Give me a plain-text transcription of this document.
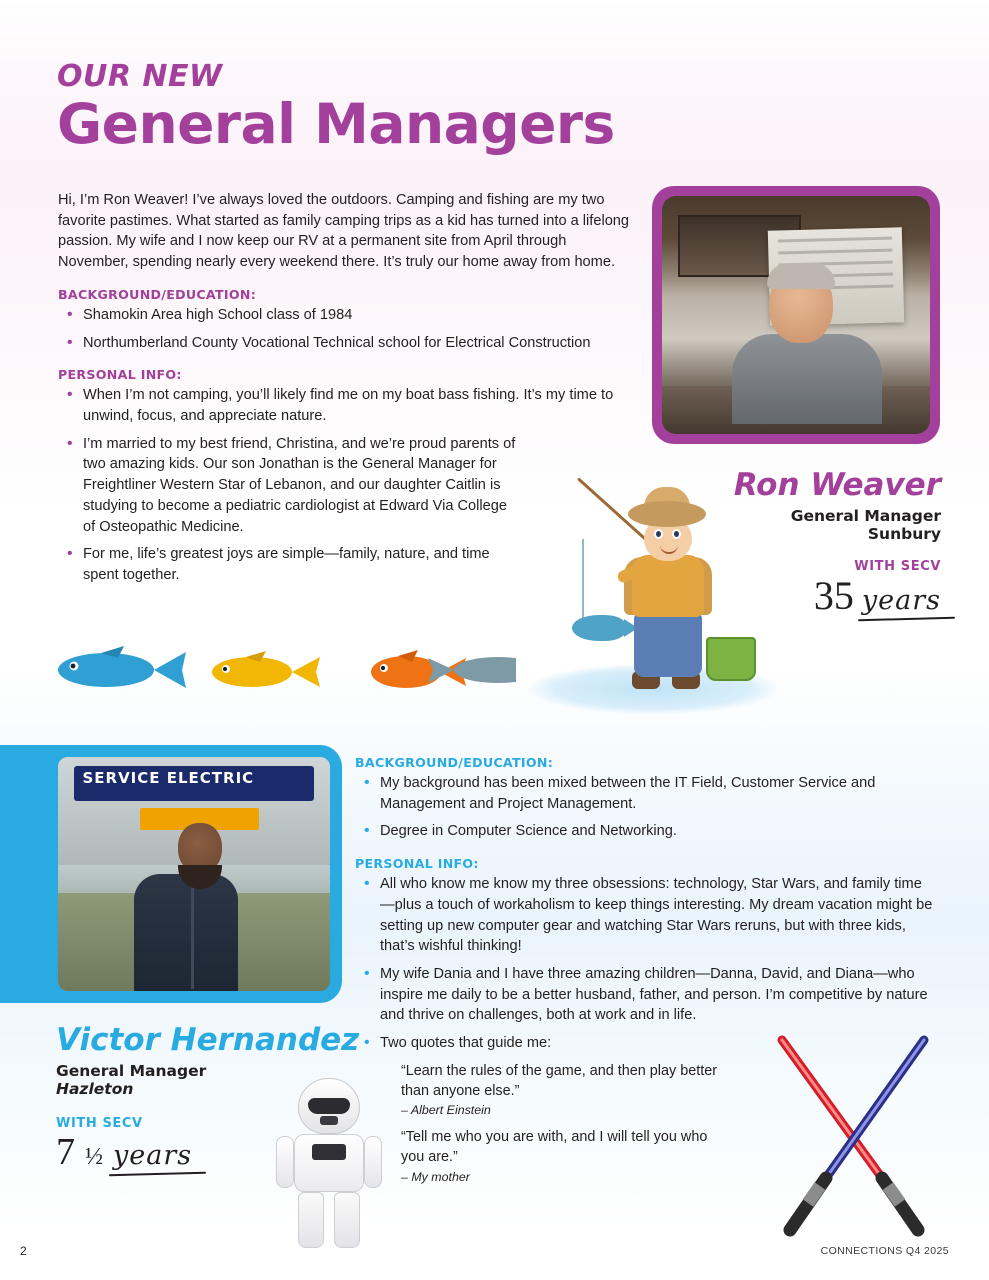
OUR NEW
General Managers

Hi, I’m Ron Weaver! I’ve always loved the outdoors. Camping and fishing are my two favorite pastimes. What started as family camping trips as a kid has turned into a lifelong passion. My wife and I now keep our RV at a permanent site from April through November, spending nearly every weekend there. It’s truly our home away from home.

BACKGROUND/EDUCATION:
• Shamokin Area high School class of 1984
• Northumberland County Vocational Technical school for Electrical Construction
PERSONAL INFO:
• When I’m not camping, you’ll likely find me on my boat bass fishing. It’s my time to unwind, focus, and appreciate nature.
• I’m married to my best friend, Christina, and we’re proud parents of two amazing kids. Our son Jonathan is the General Manager for Freightliner Western Star of Lebanon, and our daughter Caitlin is studying to become a pediatric cardiologist at Edward Via College of Osteopathic Medicine.
• For me, life’s greatest joys are simple—family, nature, and time spent together.
Ron Weaver
General Manager
Sunbury
WITH SECV
35 years
SERVICE ELECTRIC
BACKGROUND/EDUCATION:
• My background has been mixed between the IT Field, Customer Service and Management and Project Management.
• Degree in Computer Science and Networking.
PERSONAL INFO:
• All who know me know my three obsessions: technology, Star Wars, and family time—plus a touch of workaholism to keep things interesting. My dream vacation might be setting up new computer gear and watching Star Wars reruns, but with three kids, that’s wishful thinking!
• My wife Dania and I have three amazing children—Danna, David, and Diana—who inspire me daily to be a better husband, father, and person. I’m competitive by nature and thrive on challenges, both at work and in life.
• Two quotes that guide me:
“Learn the rules of the game, and then play better than anyone else.”
– Albert Einstein
“Tell me who you are with, and I will tell you who you are.”
– My mother
Victor Hernandez
General Manager
Hazleton
WITH SECV
7 ½ years
2	CONNECTIONS Q4 2025
